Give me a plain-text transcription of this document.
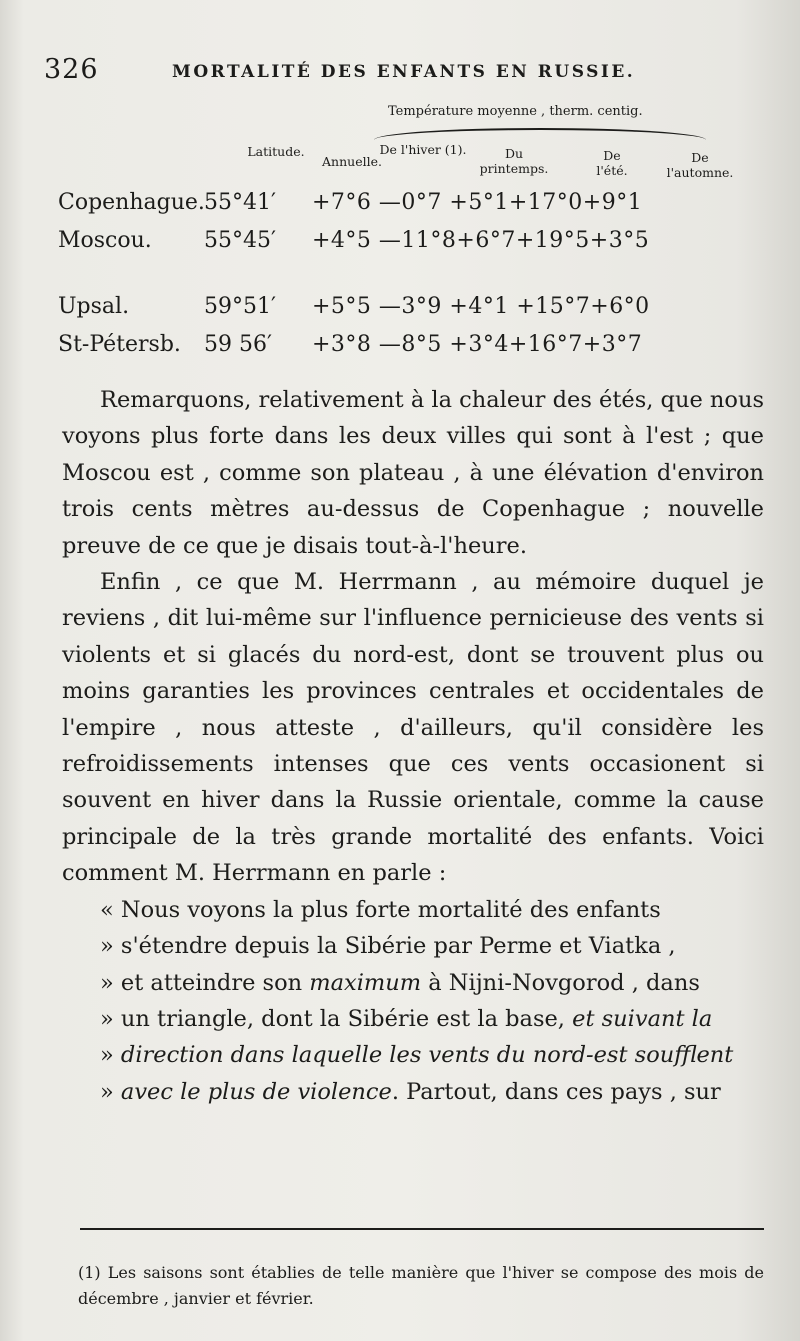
326	MORTALITÉ DES ENFANTS EN RUSSIE.
Température moyenne , therm. centig.
Latitude.
Annuelle.
De l'hiver (1).	Du printemps.
De l'été.
De l'automne.
Copenhague. 55°41′ +7°6 —0°7 +5°1+17°0+9°1
Moscou. 55°45′ +4°5 —11°8+6°7+19°5+3°5
Upsal.	59°51′ +5°5 —3°9 +4°1 +15°7+6°0
St-Pétersb. 59 56′ +3°8 —8°5 +3°4+16°7+3°7

Remarquons, relativement à la chaleur des étés, que nous voyons plus forte dans les deux villes qui sont à l'est ; que Moscou est , comme son plateau , à une élévation d'environ trois cents mètres au-dessus de Copenhague ; nouvelle preuve de ce que je disais tout-à-l'heure.

Enfin , ce que M. Herrmann , au mémoire duquel je reviens , dit lui-même sur l'influence pernicieuse des vents si violents et si glacés du nord-est, dont se trouvent plus ou moins garanties les provinces centrales et occidentales de l'empire , nous atteste , d'ailleurs, qu'il considère les refroidissements intenses que ces vents occasionent si souvent en hiver dans la Russie orientale, comme la cause principale de la très grande mortalité des enfants. Voici comment M. Herrmann en parle :

« Nous voyons la plus forte mortalité des enfants
» s'étendre depuis la Sibérie par Perme et Viatka ,
» et atteindre son maximum à Nijni-Novgorod , dans
» un triangle, dont la Sibérie est la base, et suivant la
» direction dans laquelle les vents du nord-est soufflent
» avec le plus de violence. Partout, dans ces pays , sur

(1) Les saisons sont établies de telle manière que l'hiver se compose des mois de décembre , janvier et février.
